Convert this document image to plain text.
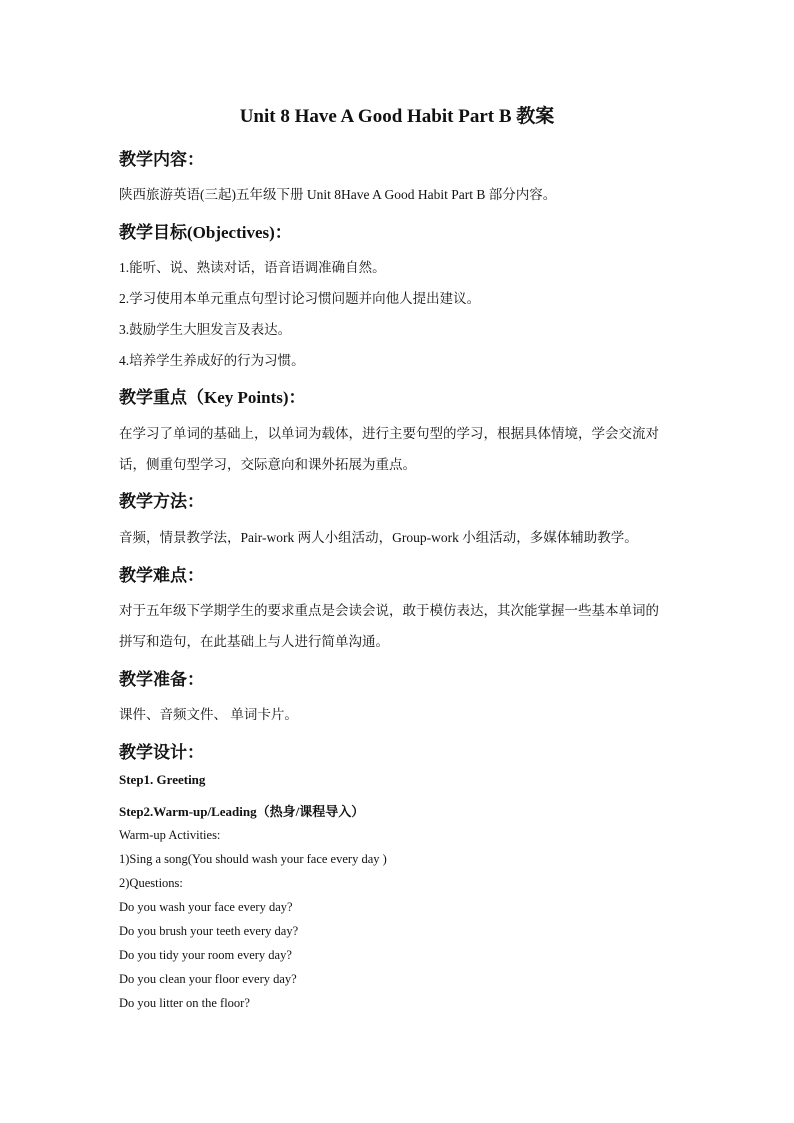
Unit 8 Have A Good Habit Part B 教案
教学内容：
陕西旅游英语(三起)五年级下册 Unit 8Have A Good Habit Part B 部分内容。
教学目标(Objectives)：
1.能听、说、熟读对话，语音语调准确自然。
2.学习使用本单元重点句型讨论习惯问题并向他人提出建议。
3.鼓励学生大胆发言及表达。
4.培养学生养成好的行为习惯。
教学重点（Key Points)：
在学习了单词的基础上，以单词为载体，进行主要句型的学习，根据具体情境，学会交流对
话，侧重句型学习，交际意向和课外拓展为重点。
教学方法：
音频，情景教学法，Pair-work 两人小组活动，Group-work 小组活动，多媒体辅助教学。
教学难点：
对于五年级下学期学生的要求重点是会读会说，敢于模仿表达，其次能掌握一些基本单词的
拼写和造句，在此基础上与人进行简单沟通。
教学准备：
课件、音频文件、 单词卡片。
教学设计：
Step1. Greeting
Step2.Warm-up/Leading（热身/课程导入）
Warm-up Activities:
1)Sing a song(You should wash your face every day )
2)Questions:
Do you wash your face every day?
Do you brush your teeth every day?
Do you tidy your room every day?
Do you clean your floor every day?
Do you litter on the floor?
